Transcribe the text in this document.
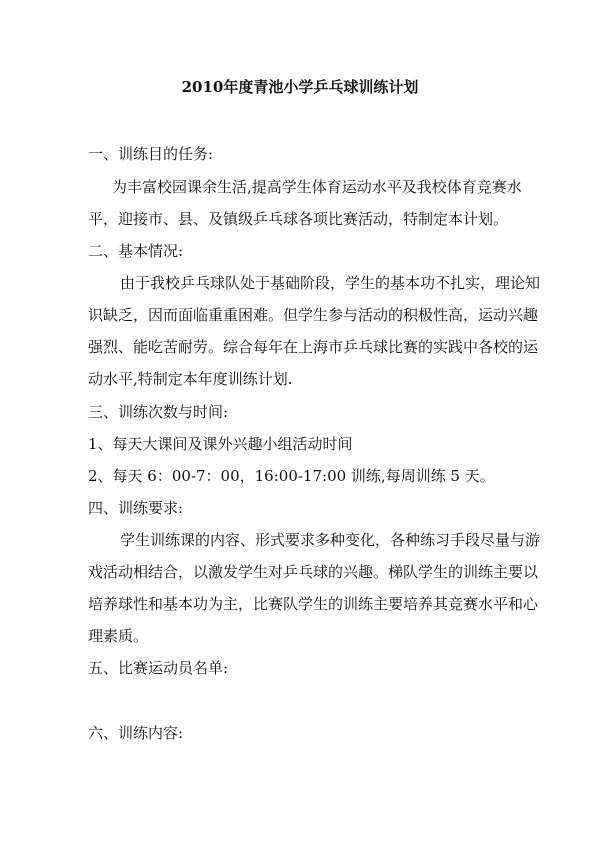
2010年度青池小学乒乓球训练计划
一、训练目的任务:
为丰富校园课余生活,提高学生体育运动水平及我校体育竞赛水
平，迎接市、县、及镇级乒乓球各项比赛活动，特制定本计划。
二、基本情况:
由于我校乒乓球队处于基础阶段，学生的基本功不扎实，理论知
识缺乏，因而面临重重困难。但学生参与活动的积极性高，运动兴趣
强烈、能吃苦耐劳。综合每年在上海市乒乓球比赛的实践中各校的运
动水平,特制定本年度训练计划.
三、训练次数与时间:
1、每天大课间及课外兴趣小组活动时间
2、每天 6：00-7：00，16:00-17:00 训练,每周训练 5 天。
四、训练要求:
学生训练课的内容、形式要求多种变化，各种练习手段尽量与游
戏活动相结合，以激发学生对乒乓球的兴趣。梯队学生的训练主要以
培养球性和基本功为主，比赛队学生的训练主要培养其竞赛水平和心
理素质。
五、比赛运动员名单:
六、训练内容:
